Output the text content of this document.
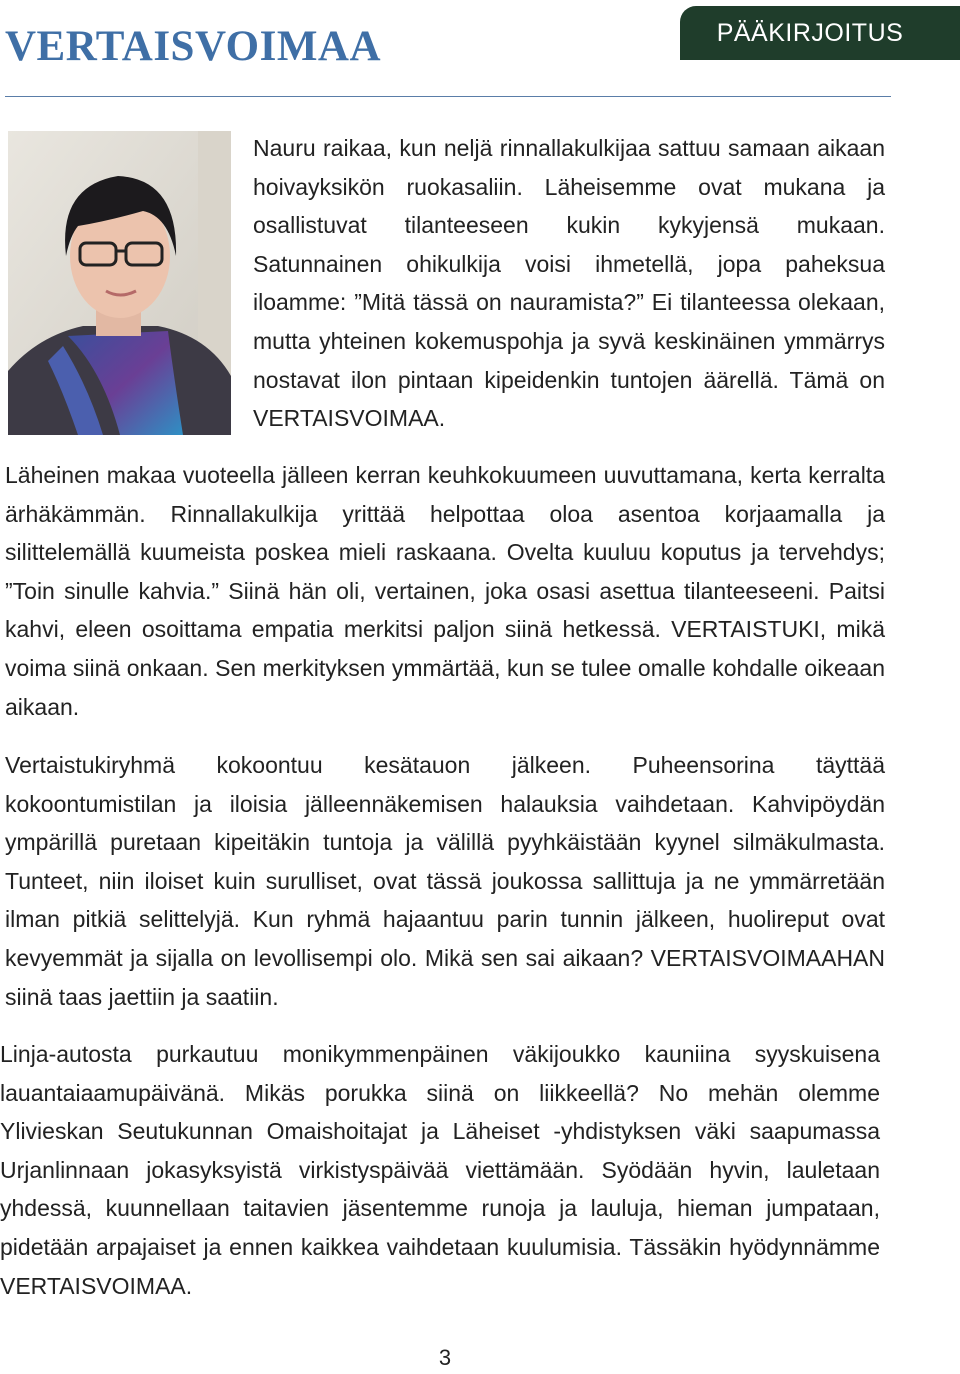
VERTAISVOIMAA	PÄÄKIRJOITUS

Nauru raikaa, kun neljä rinnallakulkijaa sattuu samaan aikaan hoivayksikön ruokasaliin. Läheisemme ovat mukana ja osallistuvat tilanteeseen kukin kykyjensä mukaan. Satunnainen ohikulkija voisi ihmetellä, jopa paheksua iloamme: ”Mitä tässä on nauramista?” Ei tilanteessa olekaan, mutta yhteinen kokemuspohja ja syvä keskinäinen ymmärrys nostavat ilon pintaan kipeidenkin tuntojen äärellä. Tämä on VERTAISVOIMAA.

Läheinen makaa vuoteella jälleen kerran keuhkokuumeen uuvuttamana, kerta kerralta ärhäkämmän. Rinnallakulkija yrittää helpottaa oloa asentoa korjaamalla ja silittelemällä kuumeista poskea mieli raskaana. Ovelta kuuluu koputus ja tervehdys; ”Toin sinulle kahvia.” Siinä hän oli, vertainen, joka osasi asettua tilanteeseeni. Paitsi kahvi, eleen osoittama empatia merkitsi paljon siinä hetkessä. VERTAISTUKI, mikä voima siinä onkaan. Sen merkityksen ymmärtää, kun se tulee omalle kohdalle oikeaan aikaan.

Vertaistukiryhmä kokoontuu kesätauon jälkeen. Puheensorina täyttää kokoontumistilan ja iloisia jälleennäkemisen halauksia vaihdetaan. Kahvipöydän ympärillä puretaan kipeitäkin tuntoja ja välillä pyyhkäistään kyynel silmäkulmasta. Tunteet, niin iloiset kuin surulliset, ovat tässä joukossa sallittuja ja ne ymmärretään ilman pitkiä selittelyjä. Kun ryhmä hajaantuu parin tunnin jälkeen, huolireput ovat kevyemmät ja sijalla on levollisempi olo. Mikä sen sai aikaan? VERTAISVOIMAAHAN siinä taas jaettiin ja saatiin.

Linja-autosta purkautuu monikymmenpäinen väkijoukko kauniina syyskuisena lauantaiaamupäivänä. Mikäs porukka siinä on liikkeellä? No mehän olemme Ylivieskan Seutukunnan Omaishoitajat ja Läheiset -yhdistyksen väki saapumassa Urjanlinnaan jokasyksyistä virkistyspäivää viettämään. Syödään hyvin, lauletaan yhdessä, kuunnellaan taitavien jäsentemme runoja ja lauluja, hieman jumpataan, pidetään arpajaiset ja ennen kaikkea vaihdetaan kuulumisia. Tässäkin hyödynnämme VERTAISVOIMAA.

3
